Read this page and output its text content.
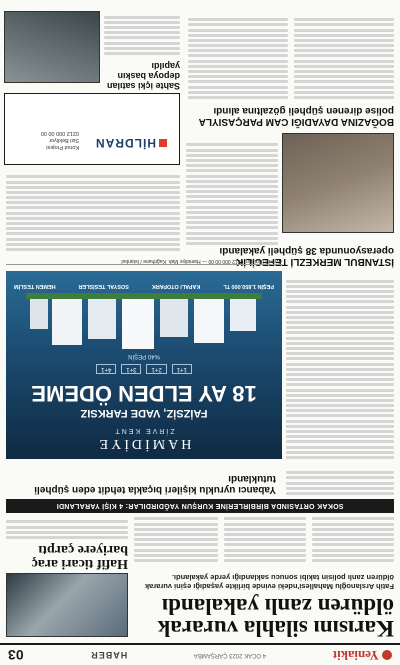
Yeniakit
4 OCAK 2023 ÇARŞAMBA
HABER
03
Karısını silahla vurarak öldüren zanlı yakalandı
Fatih Arslanoğlu Mahallesi'ndeki evinde birlikte yaşadığı eşini vurarak öldüren zanlı polisin takibi sonucu saklandığı yerde yakalandı.
Hafif ticari araç bariyere çarptı
SOKAK ORTASINDA BİRBİRLERİNE KURŞUN YAĞDIRDILAR: 4 KİŞİ YARALANDI
Yabancı uyruklu kişileri bıçakla tehdit eden şüpheli tutuklandı
HAMİDİYE
ZİRVE KENT
FAİZSİZ, VADE FARKSIZ
18 AY ELDEN ÖDEME
1+1
2+1
3+1
4+1
%40 PEŞİN
PEŞİN 1.850.000 TL
KAPALI OTOPARK
SOSYAL TESİSLER
HEMEN TESLİM
İSTANBUL MERKEZLİ TEFECİLİK operasyonunda 38 şüpheli yakalandı
Ayrıntılı bilgi için: 0212 000 00 00 — Hamidiye Mah. Kağıthane / İstanbul
HİLDRAN
Konut Projesi
Sizi Bekliyor
0212 000 00 00
BOĞAZINA DAYADIĞI CAM PARÇASIYLA polise direnen şüpheli gözaltına alındı
Sahte içki satılan depoya baskın yapıldı
